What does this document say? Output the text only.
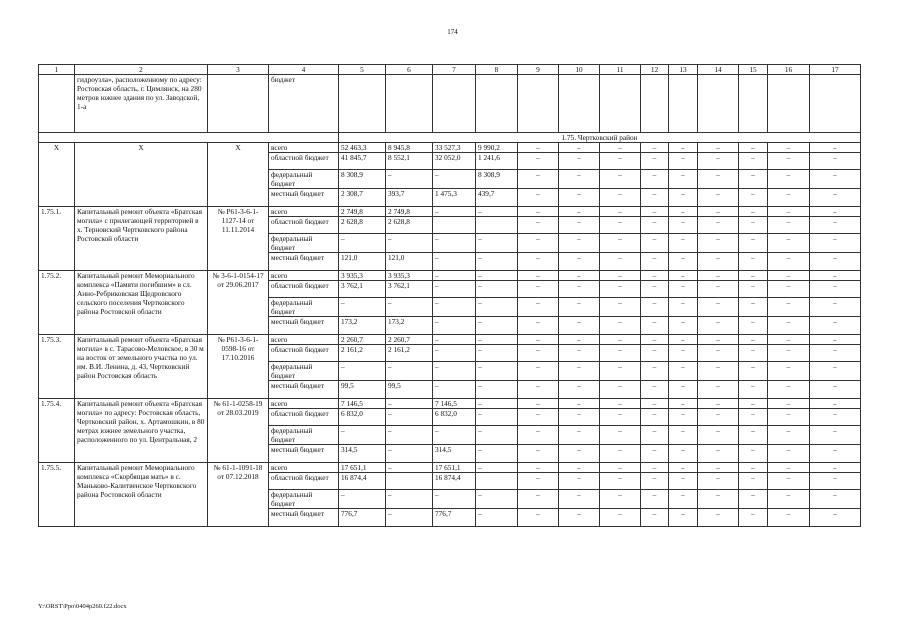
174
1	2	3	4	5	6	7	8	9	10	11	12	13	14	15	16	17
	гидроузла», расположенному по адресу: Ростовская область, г. Цимлянск, на 280 метров южнее здания по ул. Заводской, 1-а		бюджет													
				1.75. Чертковский район												
Х	Х	Х	всего	52 463,3	8 945,8	33 527,3	9 990,2	–	–	–	–	–	–	–	–	–
			областной бюджет	41 845,7	8 552,1	32 052,0	1 241,6	–	–	–	–	–	–	–	–	–
			федеральный бюджет	8 308,9	–	–	8 308,9	–	–	–	–	–	–	–	–	–
			местный бюджет	2 308,7	393,7	1 475,3	439,7	–	–	–	–	–	–	–	–	–
1.75.1.	Капитальный ремонт объекта «Братская могила» с прилегающей территорией в х. Терновский Чертковского района Ростовской области	№ Р61-3-6-1-1127-14 от 11.11.2014	всего	2 749,8	2 749,8	–	–	–	–	–	–	–	–	–	–	–
			областной бюджет	2 628,8	2 628,8			–	–	–	–	–	–	–	–	–
			федеральный бюджет	–	–	–	–	–	–	–	–	–	–	–	–	–
			местный бюджет	121,0	121,0	–	–	–	–	–	–	–	–	–	–	–
1.75.2.	Капитальный ремонт Мемориального комплекса «Памяти погибшим» в сл. Анно-Ребриковская Щедровского сельского поселения Чертковского района Ростовской области	№ 3-6-1-0154-17 от 29.06.2017	всего	3 935,3	3 935,3	–	–	–	–	–	–	–	–	–	–	–
			областной бюджет	3 762,1	3 762,1	–	–	–	–	–	–	–	–	–	–	–
			федеральный бюджет	–	–	–	–	–	–	–	–	–	–	–	–	–
			местный бюджет	173,2	173,2	–	–	–	–	–	–	–	–	–	–	–
1.75.3.	Капитальный ремонт объекта «Братская могила» в с. Тарасово-Меловское, в 30 м на восток от земельного участка по ул. им. В.И. Ленина, д. 43, Чертковский район Ростовская область	№ Р61-3-6-1-0598-16 от 17.10.2016	всего	2 260,7	2 260,7	–	–	–	–	–	–	–	–	–	–	–
			областной бюджет	2 161,2	2 161,2	–	–	–	–	–	–	–	–	–	–	–
			федеральный бюджет	–	–	–	–	–	–	–	–	–	–	–	–	–
			местный бюджет	99,5	99,5	–	–	–	–	–	–	–	–	–	–	–
1.75.4.	Капитальный ремонт объекта «Братская могила» по адресу: Ростовская область, Чертковский район, х. Артамошкин, в 80 метрах южнее земельного участка, расположенного по ул. Центральная, 2	№ 61-1-0258-19 от 28.03.2019	всего	7 146,5	–	7 146,5	–	–	–	–	–	–	–	–	–	–
			областной бюджет	6 832,0	–	6 832,0	–	–	–	–	–	–	–	–	–	–
			федеральный бюджет	–	–	–	–	–	–	–	–	–	–	–	–	–
			местный бюджет	314,5	–	314,5	–	–	–	–	–	–	–	–	–	–
1.75.5.	Капитальный ремонт Мемориального комплекса «Скорбящая мать» в с. Маньково-Калитвенское Чертковского района Ростовской области	№ 61-1-1091-18 от 07.12.2018	всего	17 651,1	–	17 651,1	–	–	–	–	–	–	–	–	–	–
			областной бюджет	16 874,4		16 874,4		–	–	–	–	–	–	–	–	–
			федеральный бюджет	–	–	–	–	–	–	–	–	–	–	–	–	–
			местный бюджет	776,7	–	776,7	–	–	–	–	–	–	–	–	–	–
Y:\ORST\Ppo\0404p260.f22.docx
